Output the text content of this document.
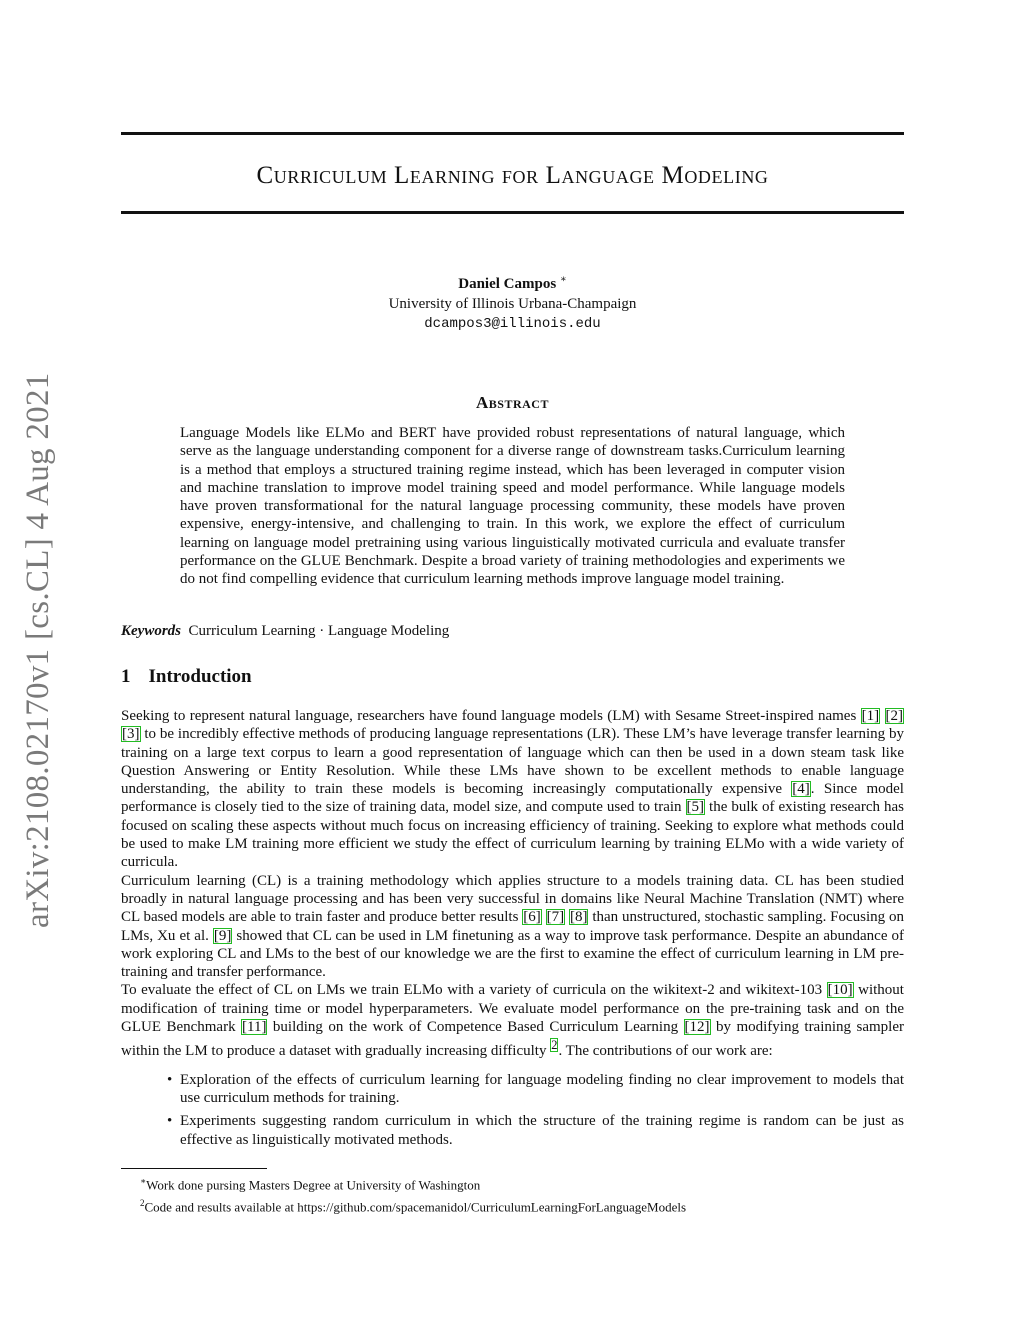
arXiv:2108.02170v1 [cs.CL] 4 Aug 2021
Curriculum Learning for Language Modeling
Daniel Campos ∗
University of Illinois Urbana-Champaign
dcampos3@illinois.edu
Abstract

Language Models like ELMo and BERT have provided robust representations of natural language, which serve as the language understanding component for a diverse range of downstream tasks.Curriculum learning is a method that employs a structured training regime instead, which has been leveraged in computer vision and machine translation to improve model training speed and model performance. While language models have proven transformational for the natural language processing community, these models have proven expensive, energy-intensive, and challenging to train. In this work, we explore the effect of curriculum learning on language model pretraining using various linguistically motivated curricula and evaluate transfer performance on the GLUE Benchmark. Despite a broad variety of training methodologies and experiments we do not find compelling evidence that curriculum learning methods improve language model training.

Keywords Curriculum Learning · Language Modeling
1 Introduction

Seeking to represent natural language, researchers have found language models (LM) with Sesame Street-inspired names [1] [2] [3] to be incredibly effective methods of producing language representations (LR). These LM’s have leverage transfer learning by training on a large text corpus to learn a good representation of language which can then be used in a down steam task like Question Answering or Entity Resolution. While these LMs have shown to be excellent methods to enable language understanding, the ability to train these models is becoming increasingly computationally expensive [4]. Since model performance is closely tied to the size of training data, model size, and compute used to train [5] the bulk of existing research has focused on scaling these aspects without much focus on increasing efficiency of training. Seeking to explore what methods could be used to make LM training more efficient we study the effect of curriculum learning by training ELMo with a wide variety of curricula.

Curriculum learning (CL) is a training methodology which applies structure to a models training data. CL has been studied broadly in natural language processing and has been very successful in domains like Neural Machine Translation (NMT) where CL based models are able to train faster and produce better results [6] [7] [8] than unstructured, stochastic sampling. Focusing on LMs, Xu et al. [9] showed that CL can be used in LM finetuning as a way to improve task performance. Despite an abundance of work exploring CL and LMs to the best of our knowledge we are the first to examine the effect of curriculum learning in LM pre-training and transfer performance.

To evaluate the effect of CL on LMs we train ELMo with a variety of curricula on the wikitext-2 and wikitext-103 [10] without modification of training time or model hyperparameters. We evaluate model performance on the pre-training task and on the GLUE Benchmark [11] building on the work of Competence Based Curriculum Learning [12] by modifying training sampler within the LM to produce a dataset with gradually increasing difficulty $^2$. The contributions of our work are:

• Exploration of the effects of curriculum learning for language modeling finding no clear improvement to models that use curriculum methods for training.
• Experiments suggesting random curriculum in which the structure of the training regime is random can be just as effective as linguistically motivated methods.
∗Work done pursing Masters Degree at University of Washington
$^2$Code and results available at https://github.com/spacemanidol/CurriculumLearningForLanguageModels
